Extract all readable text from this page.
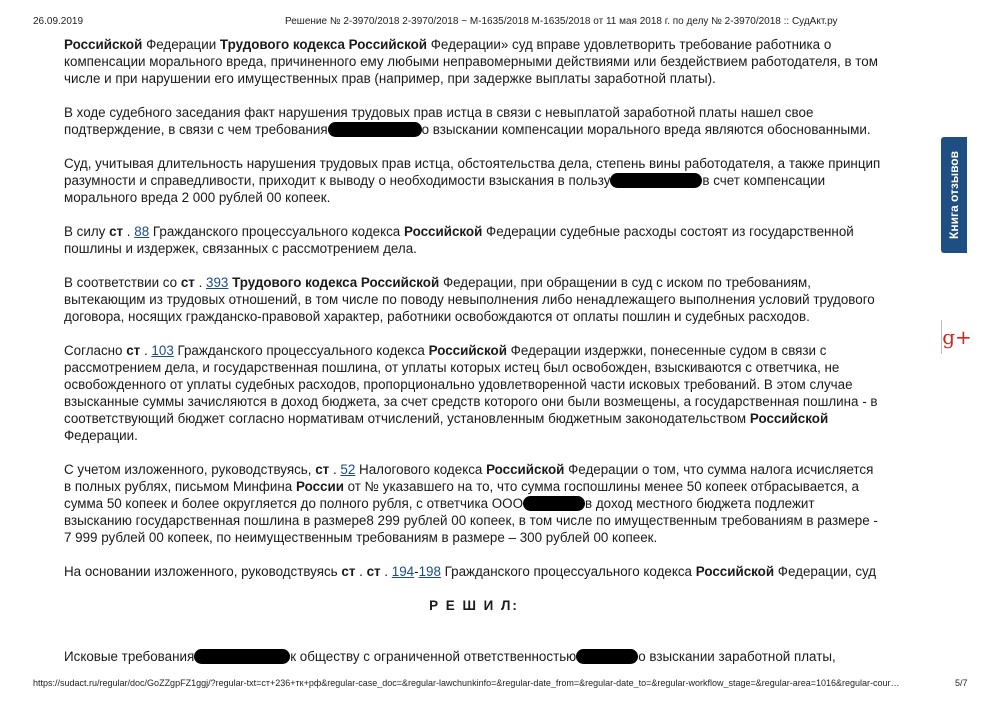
26.09.2019	Решение № 2-3970/2018 2-3970/2018 ~ М-1635/2018 М-1635/2018 от 11 мая 2018 г. по делу № 2-3970/2018 :: СудАкт.ру

Российской Федерации Трудового кодекса Российской Федерации» суд вправе удовлетворить требование работника о компенсации морального вреда, причиненного ему любыми неправомерными действиями или бездействием работодателя, в том числе и при нарушении его имущественных прав (например, при задержке выплаты заработной платы).

В ходе судебного заседания факт нарушения трудовых прав истца в связи с невыплатой заработной платы нашел свое подтверждение, в связи с чем требования	о взыскании компенсации морального вреда являются обоснованными.

Суд, учитывая длительность нарушения трудовых прав истца, обстоятельства дела, степень вины работодателя, а также принцип разумности и справедливости, приходит к выводу о необходимости взыскания в пользу	в счет компенсации морального вреда 2 000 рублей 00 копеек.

В силу ст . 88 Гражданского процессуального кодекса Российской Федерации судебные расходы состоят из государственной пошлины и издержек, связанных с рассмотрением дела.

В соответствии со ст . 393 Трудового кодекса Российской Федерации, при обращении в суд с иском по требованиям, вытекающим из трудовых отношений, в том числе по поводу невыполнения либо ненадлежащего выполнения условий трудового договора, носящих гражданско-правовой характер, работники освобождаются от оплаты пошлин и судебных расходов.

Согласно ст . 103 Гражданского процессуального кодекса Российской Федерации издержки, понесенные судом в связи с рассмотрением дела, и государственная пошлина, от уплаты которых истец был освобожден, взыскиваются с ответчика, не освобожденного от уплаты судебных расходов, пропорционально удовлетворенной части исковых требований. В этом случае взысканные суммы зачисляются в доход бюджета, за счет средств которого они были возмещены, а государственная пошлина - в соответствующий бюджет согласно нормативам отчислений, установленным бюджетным законодательством Российской Федерации.

С учетом изложенного, руководствуясь, ст . 52 Налогового кодекса Российской Федерации о том, что сумма налога исчисляется в полных рублях, письмом Минфина России от № указавшего на то, что сумма госпошлины менее 50 копеек отбрасывается, а сумма 50 копеек и более округляется до полного рубля, с ответчика ООО	в доход местного бюджета подлежит взысканию государственная пошлина в размере8 299 рублей 00 копеек, в том числе по имущественным требованиям в размере - 7 999 рублей 00 копеек, по неимущественным требованиям в размере – 300 рублей 00 копеек.

На основании изложенного, руководствуясь ст . ст . 194-198 Гражданского процессуального кодекса Российской Федерации, суд

Р Е Ш И Л:

Исковые требования	к обществу с ограниченной ответственностью	о взыскании заработной платы,

Книга отзывов
g+
https://sudact.ru/regular/doc/GoZZgpFZ1ggj/?regular-txt=ст+236+тк+рф&regular-case_doc=&regular-lawchunkinfo=&regular-date_from=&regular-date_to=&regular-workflow_stage=&regular-area=1016&regular-cour…	5/7
